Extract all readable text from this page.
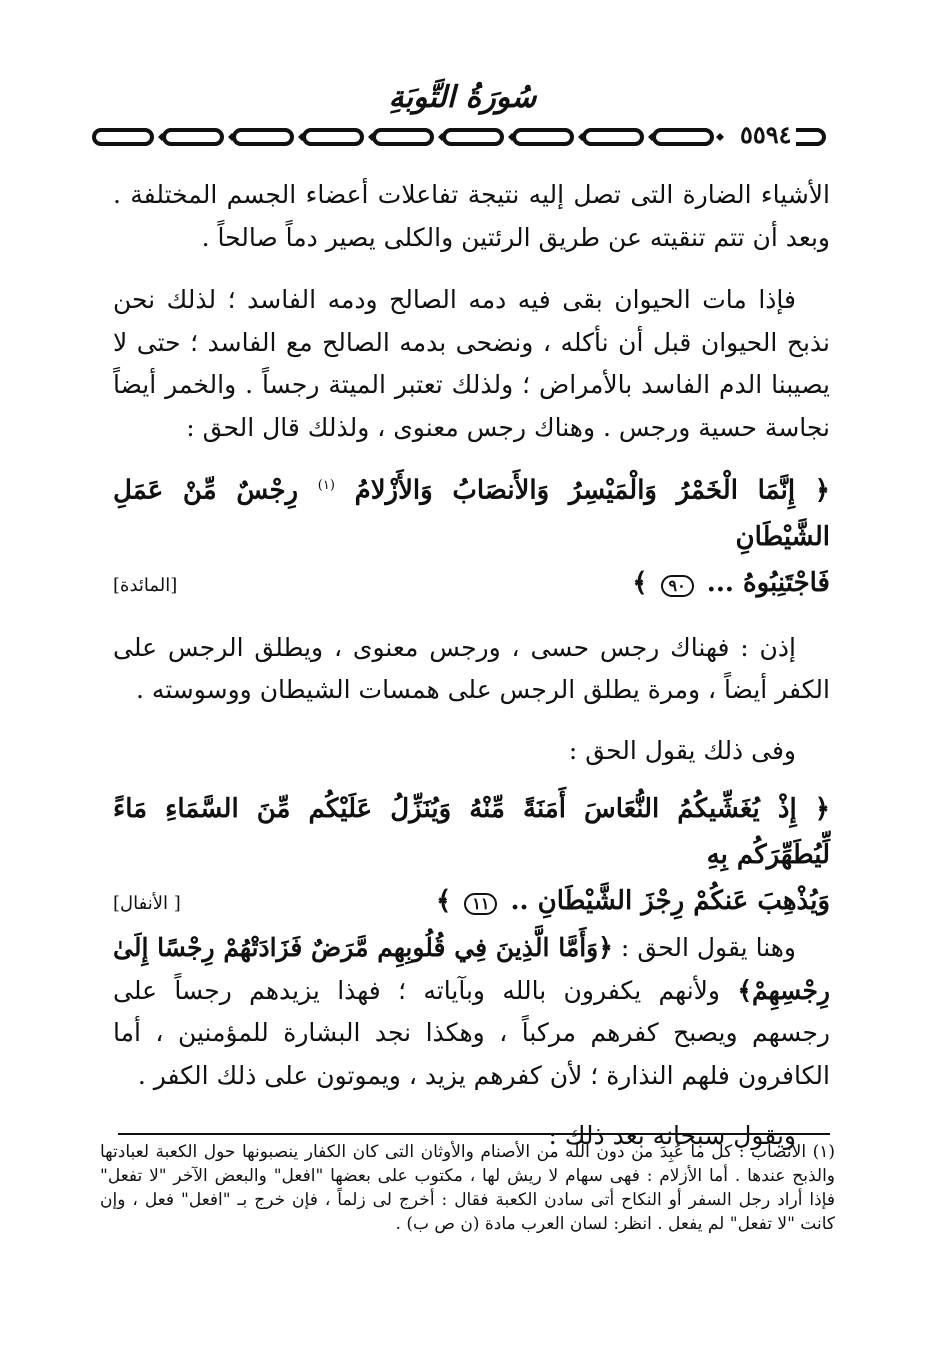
سُورَةُ التَّوبَةِ
٥٥٩٤

الأشياء الضارة التى تصل إليه نتيجة تفاعلات أعضاء الجسم المختلفة . وبعد أن تتم تنقيته عن طريق الرئتين والكلى يصير دماً صالحاً .

فإذا مات الحيوان بقى فيه دمه الصالح ودمه الفاسد ؛ لذلك نحن نذبح الحيوان قبل أن نأكله ، ونضحى بدمه الصالح مع الفاسد ؛ حتى لا يصيبنا الدم الفاسد بالأمراض ؛ ولذلك تعتبر الميتة رجساً . والخمر أيضاً نجاسة حسية ورجس . وهناك رجس معنوى ، ولذلك قال الحق :

﴿ إِنَّمَا الْخَمْرُ وَالْمَيْسِرُ وَالأَنصَابُ وَالأَزْلامُ $^{(١)}$ رِجْسٌ مِّنْ عَمَلِ الشَّيْطَانِ
فَاجْتَنِبُوهُ ... ٩٠ ﴾
[المائدة]

إذن : فهناك رجس حسى ، ورجس معنوى ، ويطلق الرجس على الكفر أيضاً ، ومرة يطلق الرجس على همسات الشيطان ووسوسته .

وفى ذلك يقول الحق :

﴿ إِذْ يُغَشِّيكُمُ النُّعَاسَ أَمَنَةً مِّنْهُ وَيُنَزِّلُ عَلَيْكُم مِّنَ السَّمَاءِ مَاءً لِّيُطَهِّرَكُم بِهِ
وَيُذْهِبَ عَنكُمْ رِجْزَ الشَّيْطَانِ .. ١١ ﴾
[ الأنفال]

وهنا يقول الحق : ﴿وَأَمَّا الَّذِينَ فِي قُلُوبِهِم مَّرَضٌ فَزَادَتْهُمْ رِجْسًا إِلَىٰ رِجْسِهِمْ﴾ ولأنهم يكفرون بالله وبآياته ؛ فهذا يزيدهم رجساً على رجسهم ويصبح كفرهم مركباً ، وهكذا نجد البشارة للمؤمنين ، أما الكافرون فلهم النذارة ؛ لأن كفرهم يزيد ، ويموتون على ذلك الكفر .

ويقول سبحانه بعد ذلك :

(١) الأنصاب : كل ما عُبِدَ من دون الله من الأصنام والأوثان التى كان الكفار ينصبونها حول الكعبة لعبادتها والذبح عندها . أما الأزلام : فهى سهام لا ريش لها ، مكتوب على بعضها "افعل" والبعض الآخر "لا تفعل" فإذا أراد رجل السفر أو النكاح أتى سادن الكعبة فقال : أخرج لى زلماً ، فإن خرج بـ "افعل" فعل ، وإن كانت "لا تفعل" لم يفعل . انظر: لسان العرب مادة (ن ص ب) .
